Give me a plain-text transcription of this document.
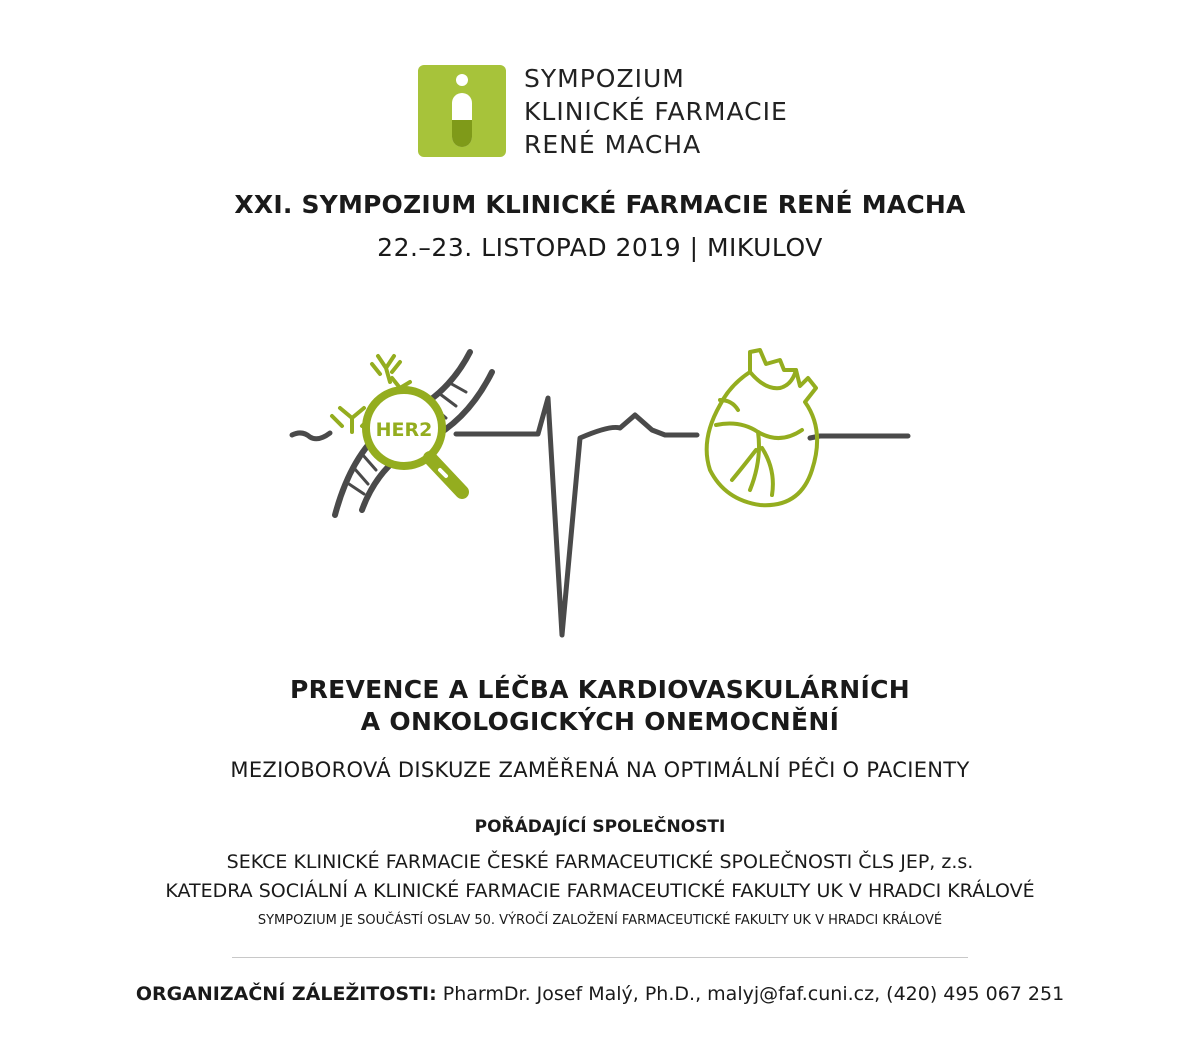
SYMPOZIUM
KLINICKÉ FARMACIE
RENÉ MACHA
XXI. SYMPOZIUM KLINICKÉ FARMACIE RENÉ MACHA
22.–23. LISTOPAD 2019 | MIKULOV
HER2
PREVENCE A LÉČBA KARDIOVASKULÁRNÍCH
A ONKOLOGICKÝCH ONEMOCNĚNÍ
MEZIOBOROVÁ DISKUZE ZAMĚŘENÁ NA OPTIMÁLNÍ PÉČI O PACIENTY
POŘÁDAJÍCÍ SPOLEČNOSTI
SEKCE KLINICKÉ FARMACIE ČESKÉ FARMACEUTICKÉ SPOLEČNOSTI ČLS JEP, z.s.
KATEDRA SOCIÁLNÍ A KLINICKÉ FARMACIE FARMACEUTICKÉ FAKULTY UK V HRADCI KRÁLOVÉ
SYMPOZIUM JE SOUČÁSTÍ OSLAV 50. VÝROČÍ ZALOŽENÍ FARMACEUTICKÉ FAKULTY UK V HRADCI KRÁLOVÉ
ORGANIZAČNÍ ZÁLEŽITOSTI: PharmDr. Josef Malý, Ph.D., malyj@faf.cuni.cz, (420) 495 067 251
